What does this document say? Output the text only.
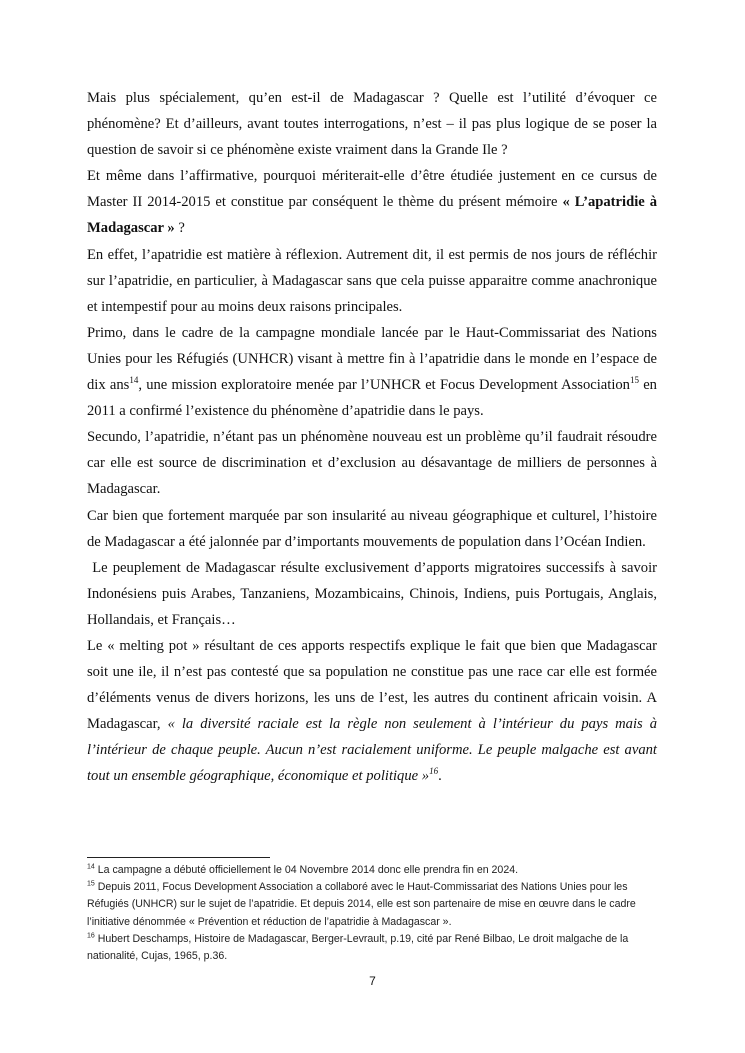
Mais plus spécialement, qu’en est-il de Madagascar ? Quelle est l’utilité d’évoquer ce phénomène? Et d’ailleurs, avant toutes interrogations, n’est – il pas plus logique de se poser la question de savoir si ce phénomène existe vraiment dans la Grande Ile ?

Et même dans l’affirmative, pourquoi mériterait-elle d’être étudiée justement en ce cursus de Master II 2014-2015 et constitue par conséquent le thème du présent mémoire « L’apatridie à Madagascar » ?

En effet, l’apatridie est matière à réflexion. Autrement dit, il est permis de nos jours de réfléchir sur l’apatridie, en particulier, à Madagascar sans que cela puisse apparaitre comme anachronique et intempestif pour au moins deux raisons principales.

Primo, dans le cadre de la campagne mondiale lancée par le Haut-Commissariat des Nations Unies pour les Réfugiés (UNHCR) visant à mettre fin à l’apatridie dans le monde en l’espace de dix ans$^{14}$, une mission exploratoire menée par l’UNHCR et Focus Development Association$^{15}$ en 2011 a confirmé l’existence du phénomène d’apatridie dans le pays.

Secundo, l’apatridie, n’étant pas un phénomène nouveau est un problème qu’il faudrait résoudre car elle est source de discrimination et d’exclusion au désavantage de milliers de personnes à Madagascar.

Car bien que fortement marquée par son insularité au niveau géographique et culturel, l’histoire de Madagascar a été jalonnée par d’importants mouvements de population dans l’Océan Indien.

Le peuplement de Madagascar résulte exclusivement d’apports migratoires successifs à savoir Indonésiens puis Arabes, Tanzaniens, Mozambicains, Chinois, Indiens, puis Portugais, Anglais, Hollandais, et Français…

Le « melting pot » résultant de ces apports respectifs explique le fait que bien que Madagascar soit une ile, il n’est pas contesté que sa population ne constitue pas une race car elle est formée d’éléments venus de divers horizons, les uns de l’est, les autres du continent africain voisin. A Madagascar, « la diversité raciale est la règle non seulement à l’intérieur du pays mais à l’intérieur de chaque peuple. Aucun n’est racialement uniforme. Le peuple malgache est avant tout un ensemble géographique, économique et politique »$^{16}$.

$^{14}$ La campagne a débuté officiellement le 04 Novembre 2014 donc elle prendra fin en 2024.

$^{15}$ Depuis 2011, Focus Development Association a collaboré avec le Haut-Commissariat des Nations Unies pour les Réfugiés (UNHCR) sur le sujet de l’apatridie. Et depuis 2014, elle est son partenaire de mise en œuvre dans le cadre l’initiative dénommée « Prévention et réduction de l’apatridie à Madagascar ».

$^{16}$ Hubert Deschamps, Histoire de Madagascar, Berger-Levrault, p.19, cité par René Bilbao, Le droit malgache de la nationalité, Cujas, 1965, p.36.

7
